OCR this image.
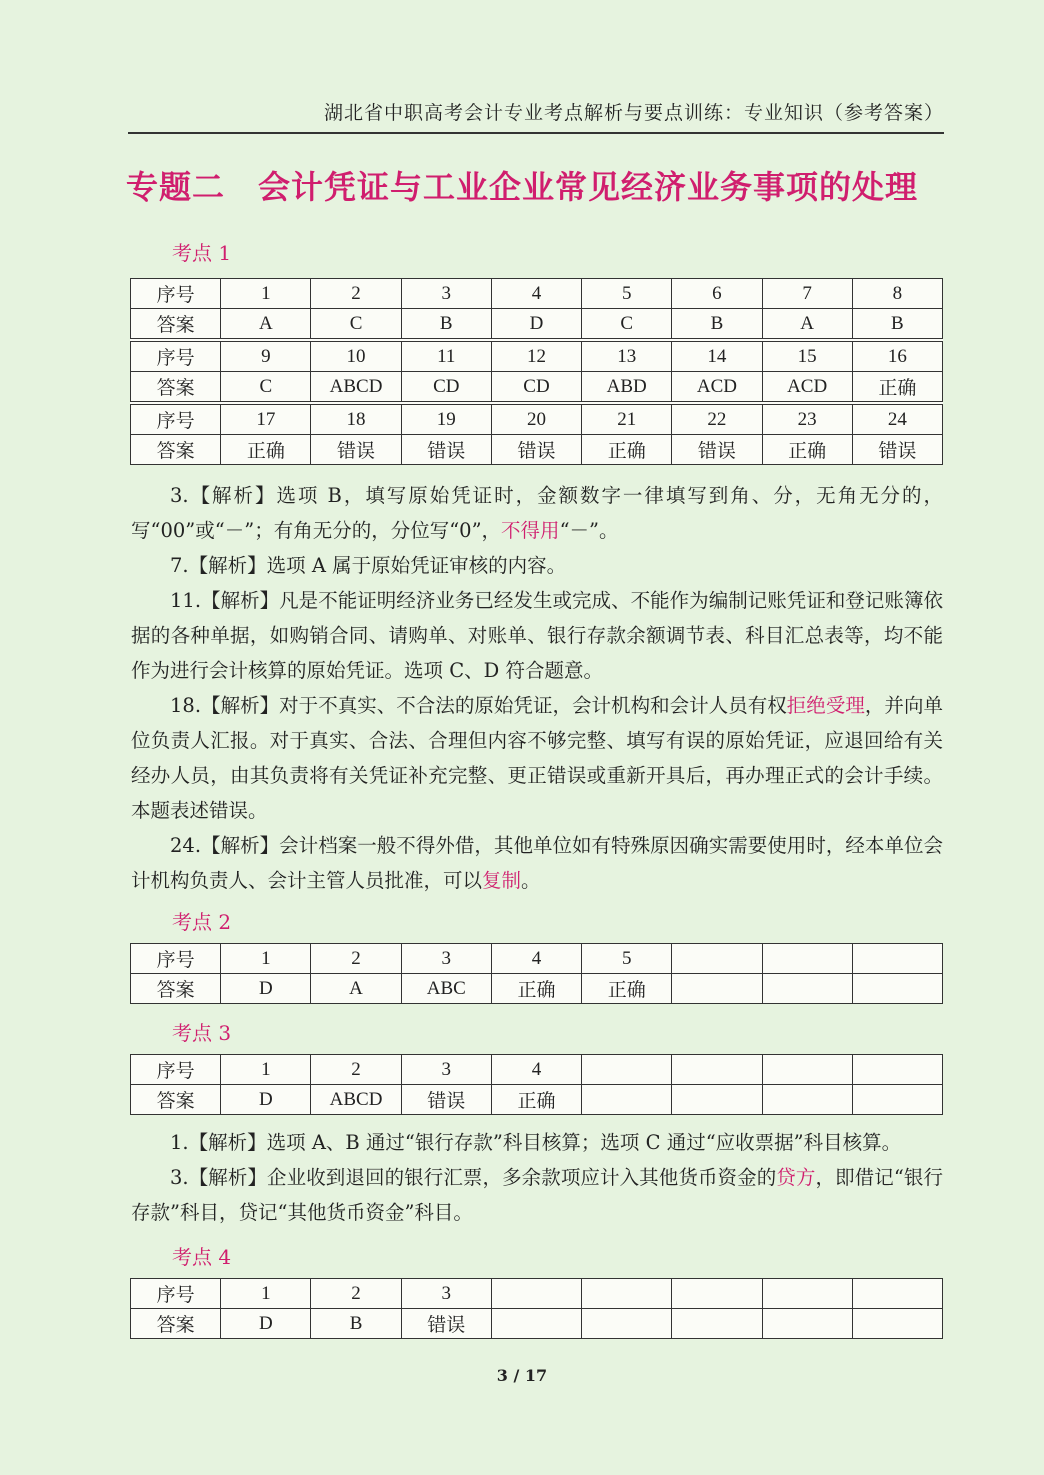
湖北省中职高考会计专业考点解析与要点训练：专业知识（参考答案）
专题二　会计凭证与工业企业常见经济业务事项的处理
考点 1
序号	1	2	3	4	5	6	7	8
答案	A	C	B	D	C	B	A	B
序号	9	10	11	12	13	14	15	16
答案	C	ABCD	CD	CD	ABD	ACD	ACD	正确
序号	17	18	19	20	21	22	23	24
答案	正确	错误	错误	错误	正确	错误	正确	错误

3.【解析】选项 B，填写原始凭证时，金额数字一律填写到角、分，无角无分的，写“00”或“－”；有角无分的，分位写“0”，不得用“－”。

7.【解析】选项 A 属于原始凭证审核的内容。

11.【解析】凡是不能证明经济业务已经发生或完成、不能作为编制记账凭证和登记账簿依据的各种单据，如购销合同、请购单、对账单、银行存款余额调节表、科目汇总表等，均不能作为进行会计核算的原始凭证。选项 C、D 符合题意。

18.【解析】对于不真实、不合法的原始凭证，会计机构和会计人员有权拒绝受理，并向单位负责人汇报。对于真实、合法、合理但内容不够完整、填写有误的原始凭证，应退回给有关经办人员，由其负责将有关凭证补充完整、更正错误或重新开具后，再办理正式的会计手续。本题表述错误。

24.【解析】会计档案一般不得外借，其他单位如有特殊原因确实需要使用时，经本单位会计机构负责人、会计主管人员批准，可以复制。

考点 2
序号	1	2	3	4	5			
答案	D	A	ABC	正确	正确			
考点 3
序号	1	2	3	4				
答案	D	ABCD	错误	正确				

1.【解析】选项 A、B 通过“银行存款”科目核算；选项 C 通过“应收票据”科目核算。

3.【解析】企业收到退回的银行汇票，多余款项应计入其他货币资金的贷方，即借记“银行存款”科目，贷记“其他货币资金”科目。

考点 4
序号	1	2	3					
答案	D	B	错误					
3 / 17
